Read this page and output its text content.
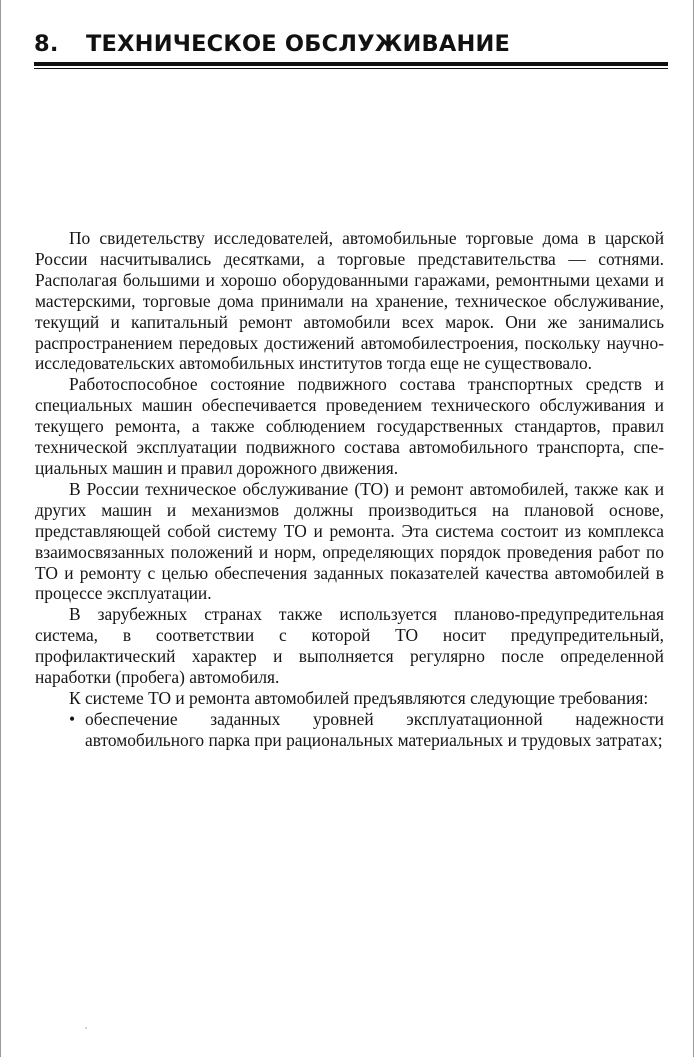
8. ТЕХНИЧЕСКОЕ ОБСЛУЖИВАНИЕ

По свидетельству исследователей, автомобильные торговые дома в царской России насчитывались десятками, а торговые представительства — сотнями. Располагая большими и хорошо оборудованными гаражами, ремонтными цехами и мастерскими, торговые дома принимали на хранение, техническое обслуживание, текущий и капитальный ремонт автомобили всех марок. Они же занимались распространением передовых достижений автомобилестроения, поскольку научно-исследовательских автомобильных институтов тогда еще не существовало.

Работоспособное состояние подвижного состава транспортных средств и специальных машин обеспечивается проведением технического обслуживания и текущего ремонта, а также соблюдением государственных стандартов, правил технической эксплуатации подвижного состава автомобильного транспорта, специальных машин и правил дорожного движения.

В России техническое обслуживание (ТО) и ремонт автомобилей, также как и других машин и механизмов должны производиться на плановой основе, представляющей собой систему ТО и ремонта. Эта система состоит из комплекса взаимосвязанных положений и норм, определяющих порядок проведения работ по ТО и ремонту с целью обеспечения заданных показателей качества автомобилей в процессе эксплуатации.

В зарубежных странах также используется планово-предупредительная система, в соответствии с которой ТО носит предупредительный, профилактический характер и выполняется регулярно после определенной наработки (пробега) автомобиля.

К системе ТО и ремонта автомобилей предъявляются следующие требования:

• обеспечение заданных уровней эксплуатационной надежности автомобильного парка при рациональных материальных и трудовых затратах;
